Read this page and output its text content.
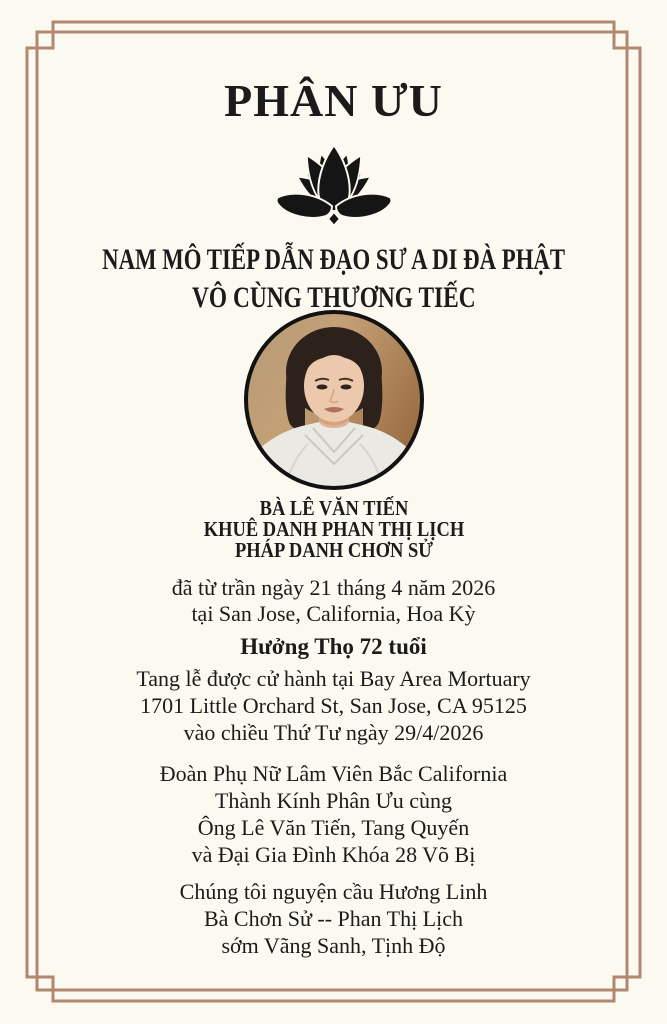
PHÂN ƯU
NAM MÔ TIẾP DẪN ĐẠO SƯ A DI ĐÀ PHẬT
VÔ CÙNG THƯƠNG TIẾC
BÀ LÊ VĂN TIẾN
KHUÊ DANH PHAN THỊ LỊCH
PHÁP DANH CHƠN SỬ
đã từ trần ngày 21 tháng 4 năm 2026
tại San Jose, California, Hoa Kỳ
Hưởng Thọ 72 tuổi
Tang lễ được cử hành tại Bay Area Mortuary
1701 Little Orchard St, San Jose, CA 95125
vào chiều Thứ Tư ngày 29/4/2026
Đoàn Phụ Nữ Lâm Viên Bắc California
Thành Kính Phân Ưu cùng
Ông Lê Văn Tiến, Tang Quyến
và Đại Gia Đình Khóa 28 Võ Bị
Chúng tôi nguyện cầu Hương Linh
Bà Chơn Sử -- Phan Thị Lịch
sớm Vãng Sanh, Tịnh Độ
